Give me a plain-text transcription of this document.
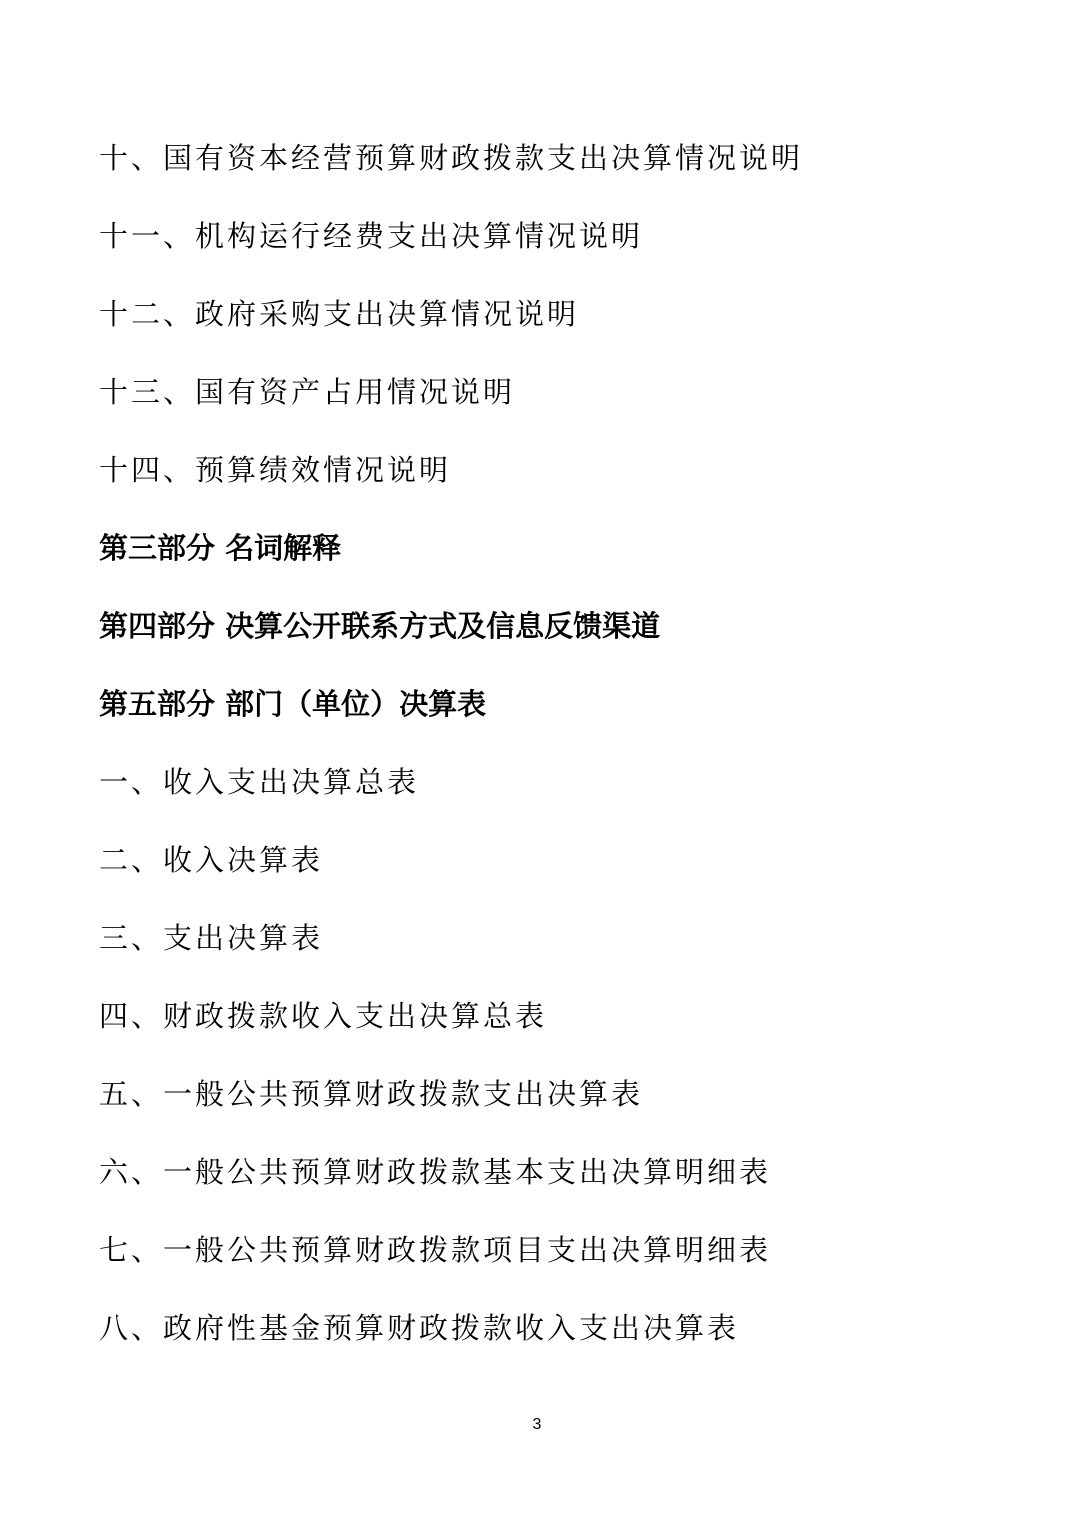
十、国有资本经营预算财政拨款支出决算情况说明
十一、机构运行经费支出决算情况说明
十二、政府采购支出决算情况说明
十三、国有资产占用情况说明
十四、预算绩效情况说明
第三部分 名词解释
第四部分 决算公开联系方式及信息反馈渠道
第五部分 部门（单位）决算表
一、收入支出决算总表
二、收入决算表
三、支出决算表
四、财政拨款收入支出决算总表
五、一般公共预算财政拨款支出决算表
六、一般公共预算财政拨款基本支出决算明细表
七、一般公共预算财政拨款项目支出决算明细表
八、政府性基金预算财政拨款收入支出决算表
3
